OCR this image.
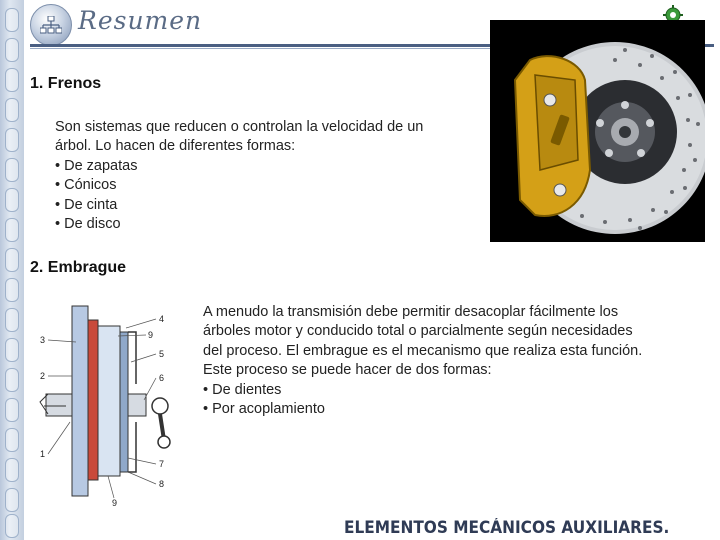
Resumen
1. Frenos

Son sistemas que reducen o controlan la velocidad de un

árbol. Lo hacen de diferentes formas:

• De zapatas

• Cónicos

• De cinta

• De disco

2. Embrague

A menudo la transmisión debe permitir desacoplar fácilmente los

árboles motor y conducido total o parcialmente según necesidades

del proceso. El embrague es el mecanismo que realiza esta función.

Este proceso se puede hacer de dos formas:

• De dientes

• Por acoplamiento

4
9
3
5
2	6
1
7
8
9
ELEMENTOS MECÁNICOS AUXILIARES.
